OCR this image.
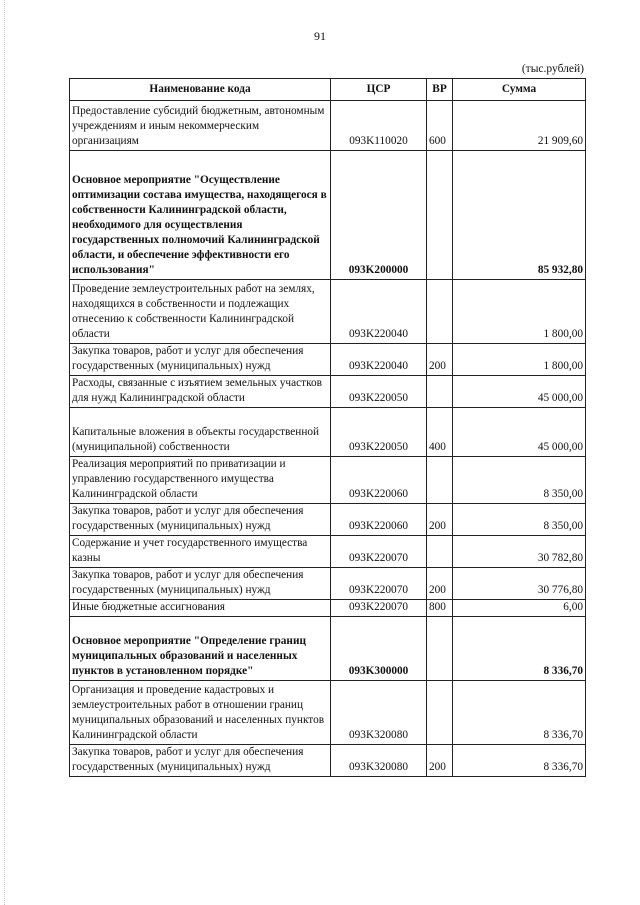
91
(тыс.рублей)
Наименование кода	ЦСР	ВР	Сумма
Предоставление субсидий бюджетным, автономным учреждениям и иным некоммерческим организациям	093K110020	600	21 909,60
Основное мероприятие "Осуществление оптимизации состава имущества, находящегося в собственности Калининградской области, необходимого для осуществления государственных полномочий Калининградской области, и обеспечение эффективности его использования"	093K200000		85 932,80
Проведение землеустроительных работ на землях, находящихся в собственности и подлежащих отнесению к собственности Калининградской области	093K220040		1 800,00
Закупка товаров, работ и услуг для обеспечения государственных (муниципальных) нужд	093K220040	200	1 800,00
Расходы, связанные с изъятием земельных участков для нужд Калининградской области	093K220050		45 000,00
Капитальные вложения в объекты государственной (муниципальной) собственности	093K220050	400	45 000,00
Реализация мероприятий по приватизации и управлению государственного имущества Калининградской области	093K220060		8 350,00
Закупка товаров, работ и услуг для обеспечения государственных (муниципальных) нужд	093K220060	200	8 350,00
Содержание и учет государственного имущества казны	093K220070		30 782,80
Закупка товаров, работ и услуг для обеспечения государственных (муниципальных) нужд	093K220070	200	30 776,80
Иные бюджетные ассигнования	093K220070	800	6,00
Основное мероприятие "Определение границ муниципальных образований и населенных пунктов в установленном порядке"	093K300000		8 336,70
Организация и проведение кадастровых и землеустроительных работ в отношении границ муниципальных образований и населенных пунктов Калининградской области	093K320080		8 336,70
Закупка товаров, работ и услуг для обеспечения государственных (муниципальных) нужд	093K320080	200	8 336,70
